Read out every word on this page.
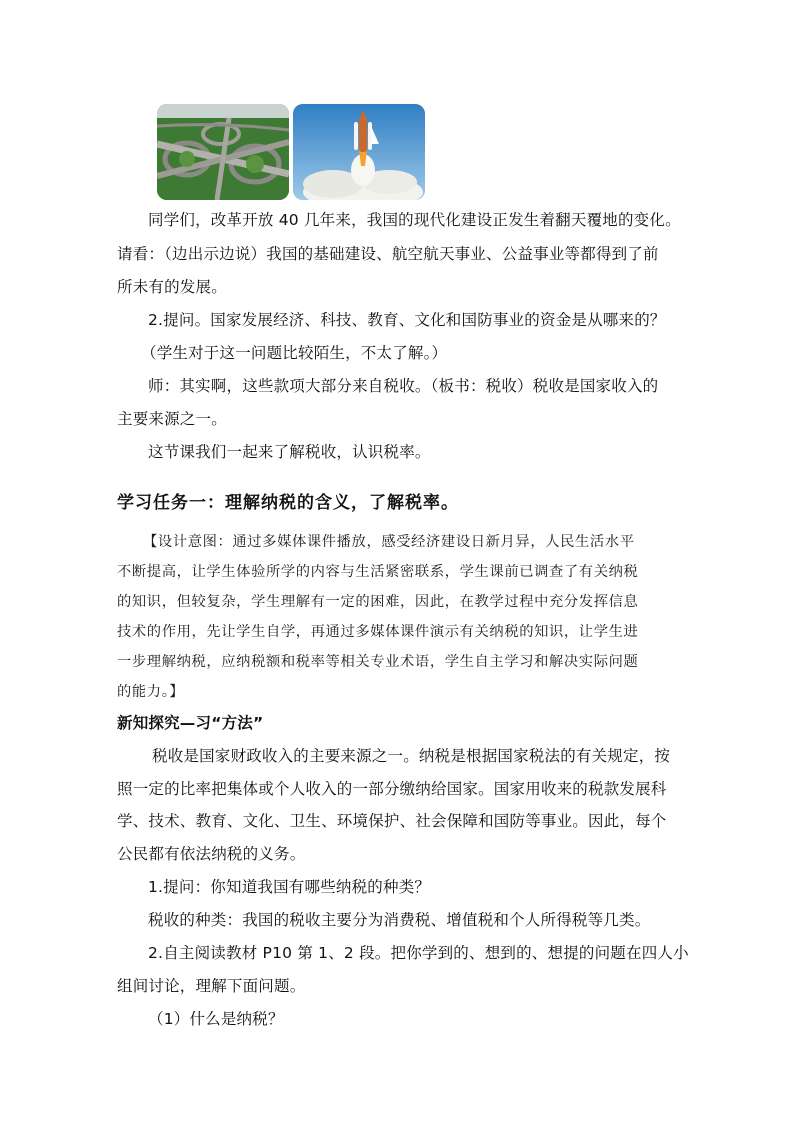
同学们，改革开放 40 几年来，我国的现代化建设正发生着翻天覆地的变化。
请看：（边出示边说）我国的基础建设、航空航天事业、公益事业等都得到了前
所未有的发展。
2.提问。国家发展经济、科技、教育、文化和国防事业的资金是从哪来的？
（学生对于这一问题比较陌生，不太了解。）
师：其实啊，这些款项大部分来自税收。（板书：税收）税收是国家收入的
主要来源之一。
这节课我们一起来了解税收，认识税率。
学习任务一：理解纳税的含义，了解税率。
【设计意图：通过多媒体课件播放，感受经济建设日新月异，人民生活水平
不断提高，让学生体验所学的内容与生活紧密联系，学生课前已调查了有关纳税
的知识，但较复杂，学生理解有一定的困难，因此，在教学过程中充分发挥信息
技术的作用，先让学生自学，再通过多媒体课件演示有关纳税的知识，让学生进
一步理解纳税，应纳税额和税率等相关专业术语，学生自主学习和解决实际问题
的能力。】
新知探究—习“方法”
税收是国家财政收入的主要来源之一。纳税是根据国家税法的有关规定，按
照一定的比率把集体或个人收入的一部分缴纳给国家。国家用收来的税款发展科
学、技术、教育、文化、卫生、环境保护、社会保障和国防等事业。因此，每个
公民都有依法纳税的义务。
1.提问：你知道我国有哪些纳税的种类？
税收的种类：我国的税收主要分为消费税、增值税和个人所得税等几类。
2.自主阅读教材 P10 第 1、2 段。把你学到的、想到的、想提的问题在四人小
组间讨论，理解下面问题。
（1）什么是纳税？
